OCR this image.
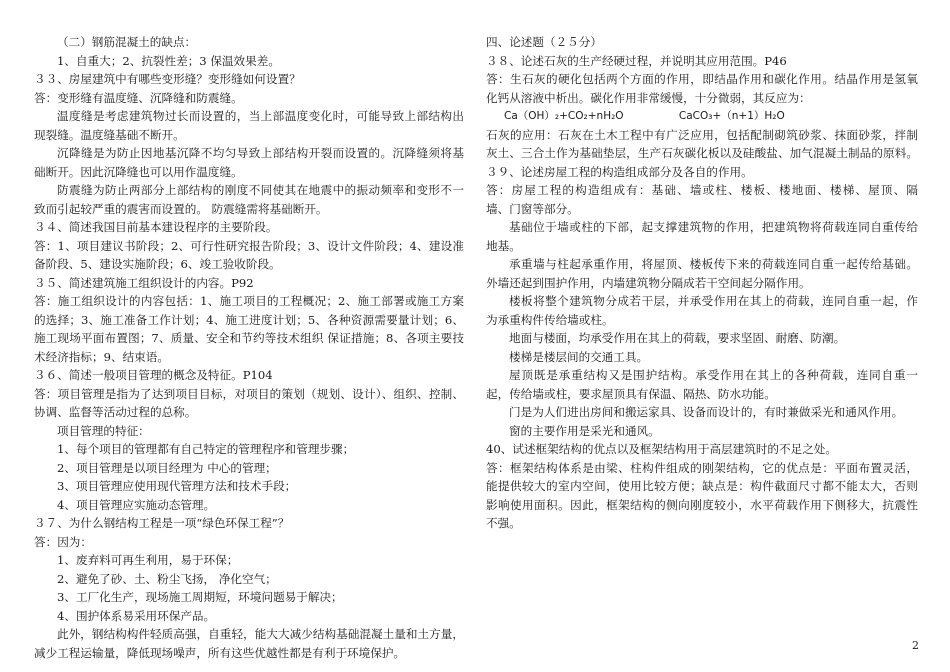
（二）钢筋混凝土的缺点：
1、自重大；2、抗裂性差；3 保温效果差。
３３、房屋建筑中有哪些变形缝？变形缝如何设置？
答：变形缝有温度缝、沉降缝和防震缝。
温度缝是考虑建筑物过长而设置的，当上部温度变化时，可能导致上部结构出
现裂缝。温度缝基础不断开。
沉降缝是为防止因地基沉降不均匀导致上部结构开裂而设置的。沉降缝须将基
础断开。因此沉降缝也可以用作温度缝。
防震缝为防止两部分上部结构的刚度不同使其在地震中的振动频率和变形不一
致而引起较严重的震害而设置的。 防震缝需将基础断开。
３４、简述我国目前基本建设程序的主要阶段。
答：1、项目建议书阶段；2、可行性研究报告阶段；3、设计文件阶段；4、建设准
备阶段、5、建设实施阶段；6、竣工验收阶段。
３５、简述建筑施工组织设计的内容。P92
答：施工组织设计的内容包括：1、施工项目的工程概况；2、施工部署或施工方案
的选择；3、施工准备工作计划；4、施工进度计划；5、各种资源需要量计划；6、
施工现场平面布置图；7、质量、安全和节约等技术组织 保证措施；8、各项主要技
术经济指标；9、结束语。
３６、简述一般项目管理的概念及特征。P104
答：项目管理是指为了达到项目目标，对项目的策划（规划、设计）、组织、控制、
协调、监督等活动过程的总称。
项目管理的特征：
1、每个项目的管理都有自己特定的管理程序和管理步骤；
2、项目管理是以项目经理为 中心的管理；
3、项目管理应使用现代管理方法和技术手段；
4、项目管理应实施动态管理。
３７、为什么钢结构工程是一项“绿色环保工程”？
答：因为：
1、废弃料可再生利用，易于环保；
2、避免了砂、土、粉尘飞扬， 净化空气；
3、工厂化生产，现场施工周期短，环境问题易于解决；
4、围护体系易采用环保产品。
此外，钢结构构件轻质高强，自重轻，能大大减少结构基础混凝土量和土方量，
减少工程运输量，降低现场噪声，所有这些优越性都是有利于环境保护。
四、论述题（２５分）
３８、论述石灰的生产经硬过程，并说明其应用范围。P46
答：生石灰的硬化包括两个方面的作用，即结晶作用和碳化作用。结晶作用是氢氧
化钙从溶液中析出。碳化作用非常缓慢，十分微弱，其反应为：
Ca（OH）₂+CO₂+nH₂O	CaCO₃+（n+1）H₂O
石灰的应用：石灰在土木工程中有广泛应用，包括配制砌筑砂浆、抹面砂浆，拌制
灰土、三合土作为基础垫层，生产石灰碳化板以及硅酸盐、加气混凝土制品的原料。
３９、论述房屋工程的构造组成部分及各自的作用。
答：房屋工程的构造组成有：基础、墙或柱、楼板、楼地面、楼梯、屋顶、隔
墙、门窗等部分。
基础位于墙或柱的下部，起支撑建筑物的作用，把建筑物将荷载连同自重传给
地基。
承重墙与柱起承重作用，将屋顶、楼板传下来的荷载连同自重一起传给基础。
外墙还起到围护作用，内墙建筑物分隔成若干空间起分隔作用。
楼板将整个建筑物分成若干层，并承受作用在其上的荷载，连同自重一起，作
为承重构件传给墙或柱。
地面与楼面，均承受作用在其上的荷载，要求坚固、耐磨、防潮。
楼梯是楼层间的交通工具。
屋顶既是承重结构又是围护结构。承受作用在其上的各种荷载，连同自重一
起，传给墙或柱，要求屋顶具有保温、隔热、防水功能。
门是为人们进出房间和搬运家具、设备而设计的，有时兼做采光和通风作用。
窗的主要作用是采光和通风。
40、试述框架结构的优点以及框架结构用于高层建筑时的不足之处。
答：框架结构体系是由梁、柱构件组成的刚架结构，它的优点是：平面布置灵活，
能提供较大的室内空间，使用比较方便；缺点是：构件截面尺寸都不能太大，否则
影响使用面积。因此，框架结构的侧向刚度较小，水平荷载作用下侧移大，抗震性
不强。
2
